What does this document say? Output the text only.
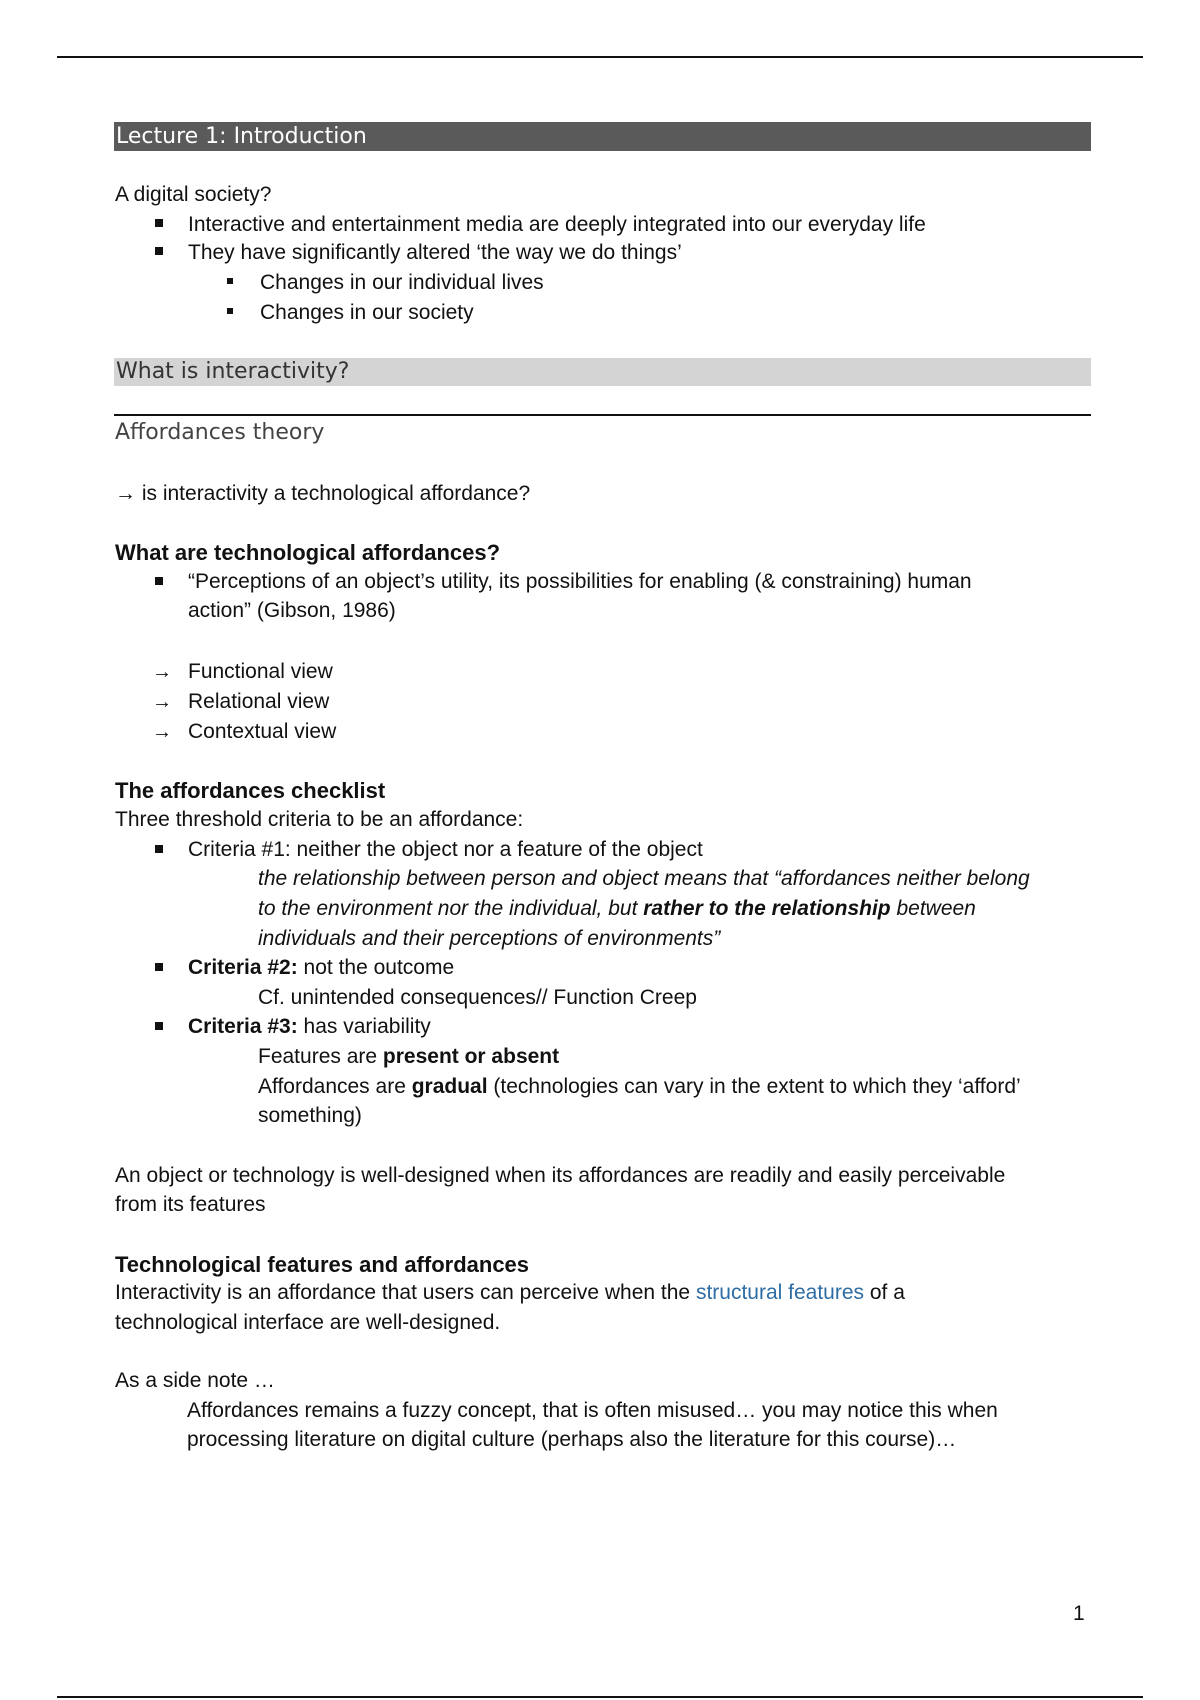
Lecture 1: Introduction
A digital society?
Interactive and entertainment media are deeply integrated into our everyday life
They have significantly altered ‘the way we do things’
Changes in our individual lives
Changes in our society
What is interactivity?
Affordances theory
→ is interactivity a technological affordance?
What are technological affordances?
“Perceptions of an object’s utility, its possibilities for enabling (& constraining) human
action” (Gibson, 1986)
→ Functional view
→ Relational view
→ Contextual view
The affordances checklist
Three threshold criteria to be an affordance:
Criteria #1: neither the object nor a feature of the object
the relationship between person and object means that “affordances neither belong
to the environment nor the individual, but rather to the relationship between
individuals and their perceptions of environments”
Criteria #2: not the outcome
Cf. unintended consequences// Function Creep
Criteria #3: has variability
Features are present or absent
Affordances are gradual (technologies can vary in the extent to which they ‘afford’
something)
An object or technology is well-designed when its affordances are readily and easily perceivable
from its features
Technological features and affordances
Interactivity is an affordance that users can perceive when the structural features of a
technological interface are well-designed.
As a side note …
Affordances remains a fuzzy concept, that is often misused… you may notice this when
processing literature on digital culture (perhaps also the literature for this course)…
1
